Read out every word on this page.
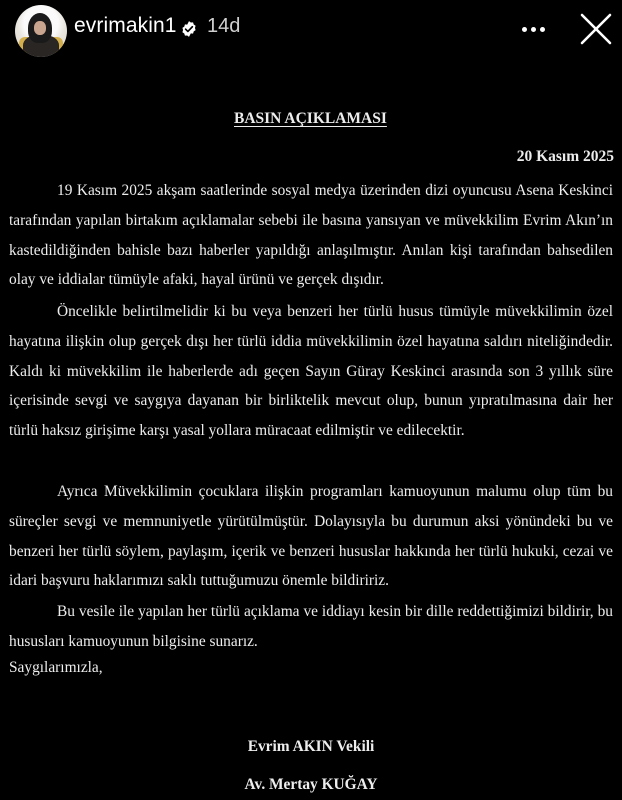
evrimakin1 14d
BASIN AÇIKLAMASI
20 Kasım 2025

19 Kasım 2025 akşam saatlerinde sosyal medya üzerinden dizi oyuncusu Asena Keskinci tarafından yapılan birtakım açıklamalar sebebi ile basına yansıyan ve müvekkilim Evrim Akın’ın kastedildiğinden bahisle bazı haberler yapıldığı anlaşılmıştır. Anılan kişi tarafından bahsedilen olay ve iddialar tümüyle afaki, hayal ürünü ve gerçek dışıdır.

Öncelikle belirtilmelidir ki bu veya benzeri her türlü husus tümüyle müvekkilimin özel hayatına ilişkin olup gerçek dışı her türlü iddia müvekkilimin özel hayatına saldırı niteliğindedir. Kaldı ki müvekkilim ile haberlerde adı geçen Sayın Güray Keskinci arasında son 3 yıllık süre içerisinde sevgi ve saygıya dayanan bir birliktelik mevcut olup, bunun yıpratılmasına dair her türlü haksız girişime karşı yasal yollara müracaat edilmiştir ve edilecektir.

Ayrıca Müvekkilimin çocuklara ilişkin programları kamuoyunun malumu olup tüm bu süreçler sevgi ve memnuniyetle yürütülmüştür. Dolayısıyla bu durumun aksi yönündeki bu ve benzeri her türlü söylem, paylaşım, içerik ve benzeri hususlar hakkında her türlü hukuki, cezai ve idari başvuru haklarımızı saklı tuttuğumuzu önemle bildiririz.

Bu vesile ile yapılan her türlü açıklama ve iddiayı kesin bir dille reddettiğimizi bildirir, bu hususları kamuoyunun bilgisine sunarız.

Saygılarımızla,
Evrim AKIN Vekili
Av. Mertay KUĞAY
